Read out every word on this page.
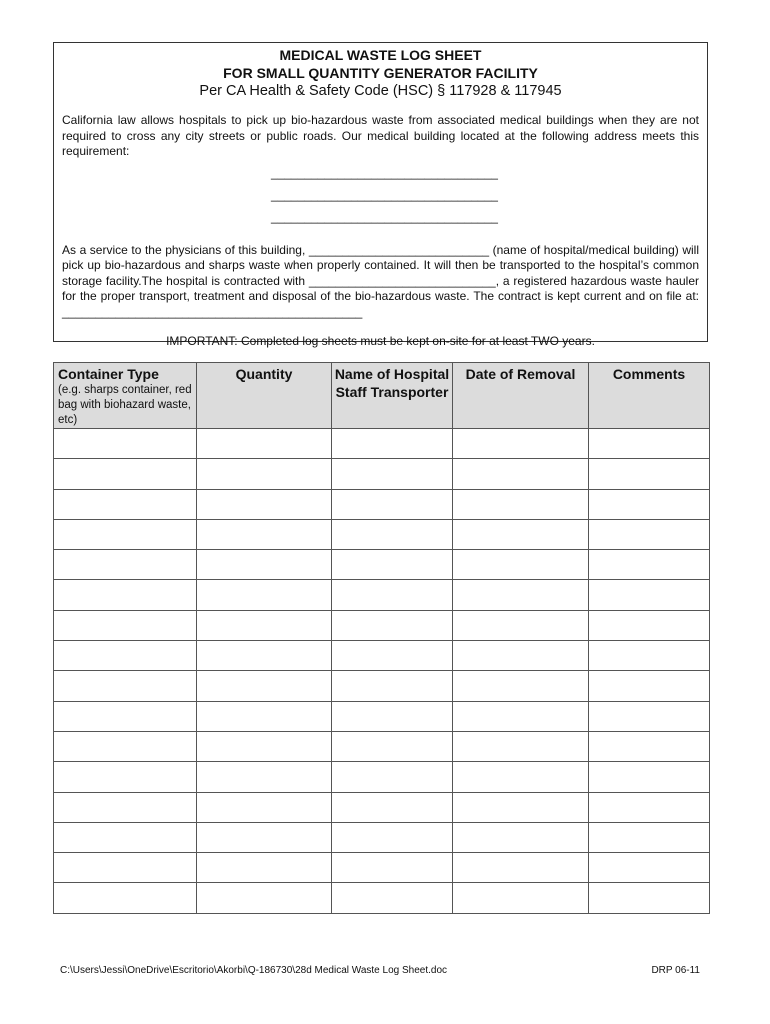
MEDICAL WASTE LOG SHEET
FOR SMALL QUANTITY GENERATOR FACILITY
Per CA Health & Safety Code (HSC) § 117928 & 117945
California law allows hospitals to pick up bio-hazardous waste from associated medical buildings when they are not required to cross any city streets or public roads. Our medical building located at the following address meets this requirement:
__________________________________
__________________________________
__________________________________
As a service to the physicians of this building, ___________________________ (name of hospital/medical building) will pick up bio-hazardous and sharps waste when properly contained. It will then be transported to the hospital’s common storage facility.The hospital is contracted with ____________________________, a registered hazardous waste hauler for the proper transport, treatment and disposal of the bio-hazardous waste. The contract is kept current and on file at: _____________________________________________
IMPORTANT: Completed log sheets must be kept on-site for at least TWO years.
Container Type
(e.g. sharps container, red bag with biohazard waste, etc)	Quantity	Name of Hospital Staff Transporter	Date of Removal	Comments

C:\Users\Jessi\OneDrive\Escritorio\Akorbi\Q-186730\28d Medical Waste Log Sheet.doc	DRP 06-11
